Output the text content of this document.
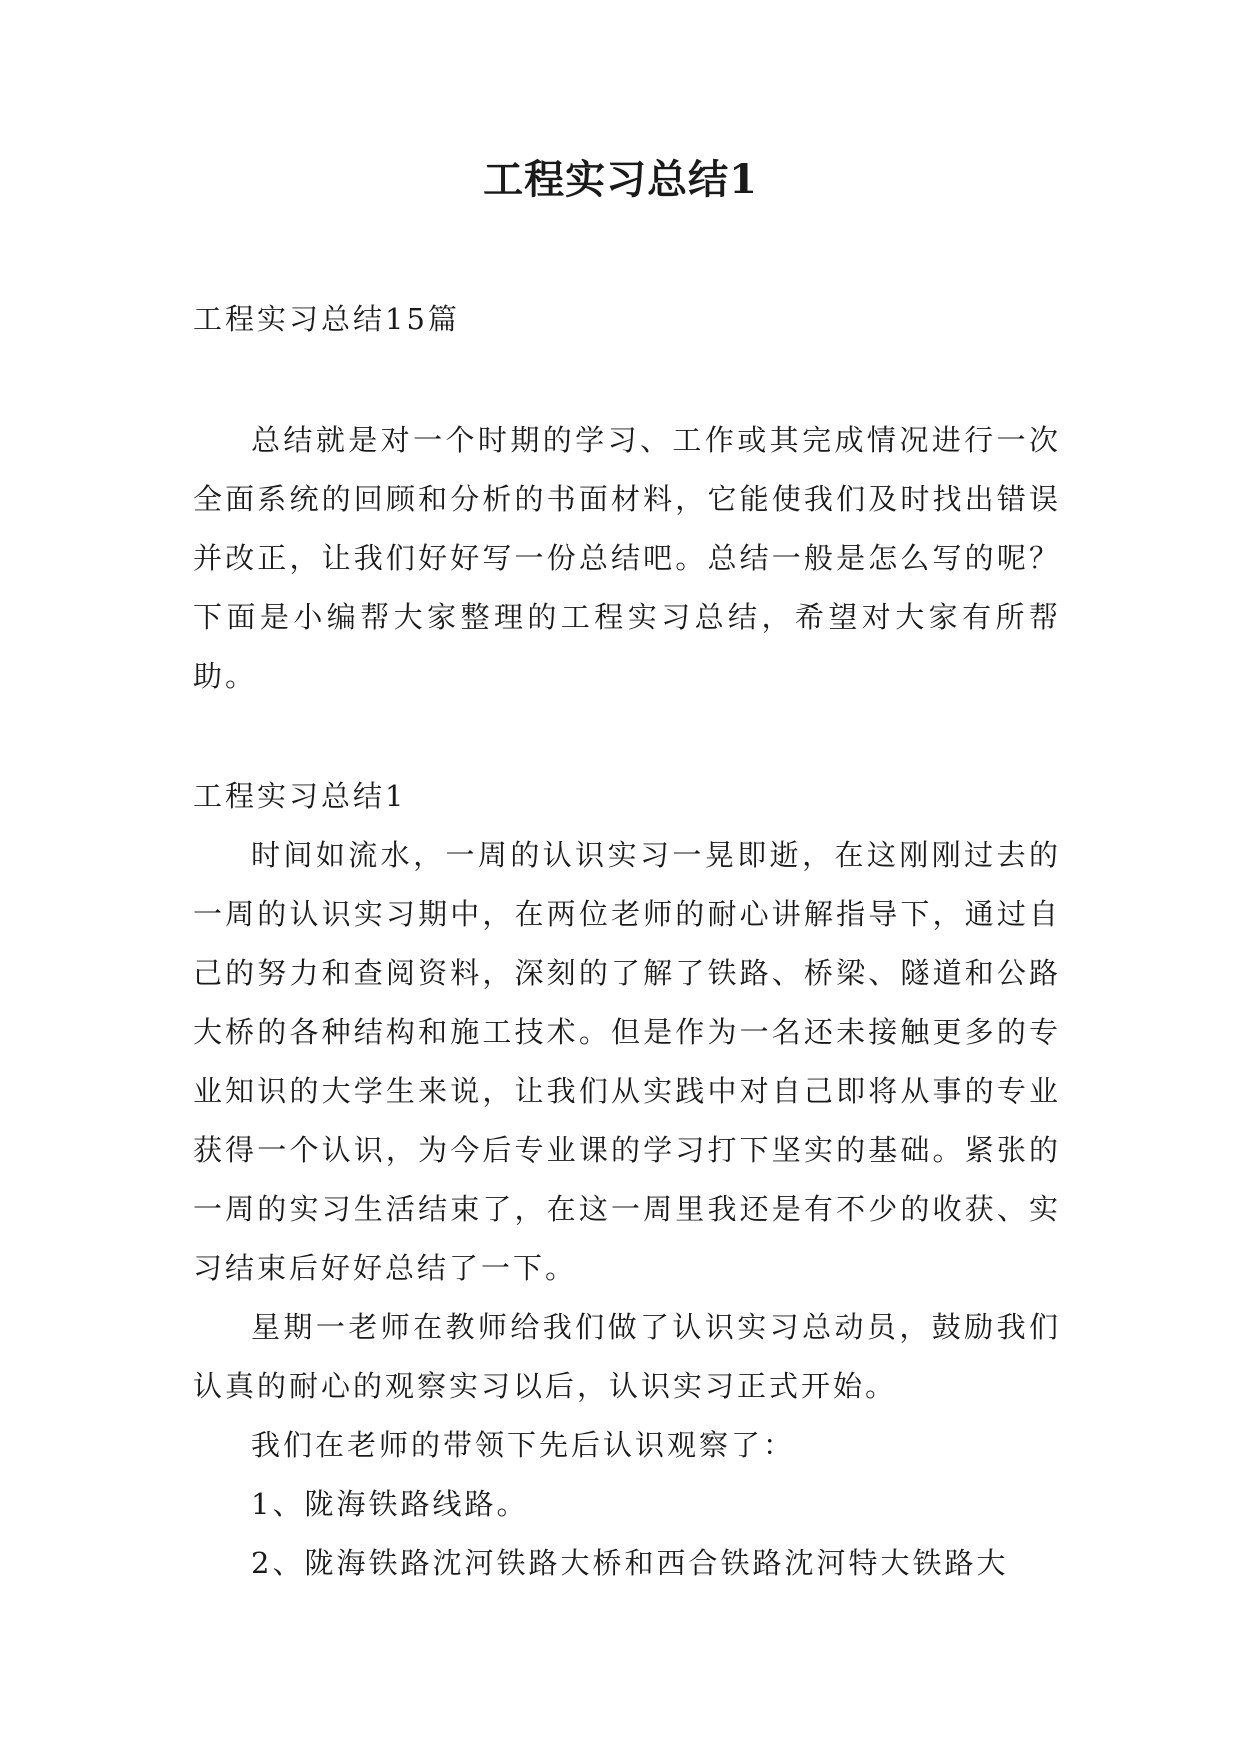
工程实习总结1

工程实习总结15篇

总结就是对一个时期的学习、工作或其完成情况进行一次全面系统的回顾和分析的书面材料，它能使我们及时找出错误并改正，让我们好好写一份总结吧。总结一般是怎么写的呢？下面是小编帮大家整理的工程实习总结，希望对大家有所帮助。

工程实习总结1

时间如流水，一周的认识实习一晃即逝，在这刚刚过去的一周的认识实习期中，在两位老师的耐心讲解指导下，通过自己的努力和查阅资料，深刻的了解了铁路、桥梁、隧道和公路大桥的各种结构和施工技术。但是作为一名还未接触更多的专业知识的大学生来说，让我们从实践中对自己即将从事的专业获得一个认识，为今后专业课的学习打下坚实的基础。紧张的一周的实习生活结束了，在这一周里我还是有不少的收获、实习结束后好好总结了一下。

星期一老师在教师给我们做了认识实习总动员，鼓励我们认真的耐心的观察实习以后，认识实习正式开始。

我们在老师的带领下先后认识观察了：

1、陇海铁路线路。

2、陇海铁路沈河铁路大桥和西合铁路沈河特大铁路大
